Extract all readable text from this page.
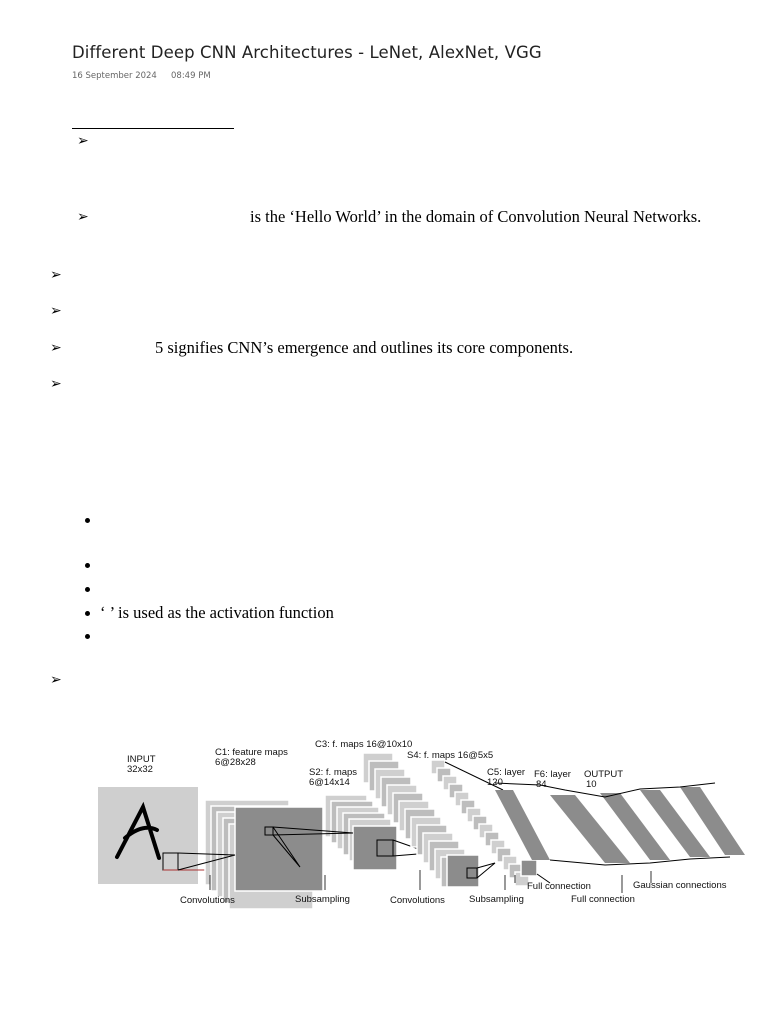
Different Deep CNN Architectures - LeNet, AlexNet, VGG
16 September 2024 08:49 PM
➢
➢	is the ‘Hello World’ in the domain of Convolution Neural Networks.
➢
➢
➢	5 signifies CNN’s emergence and outlines its core components.
➢
‘ ’ is used as the activation function
➢
INPUT
32x32
C1: feature maps
6@28x28
C3: f. maps 16@10x10
S2: f. maps
6@14x14
S4: f. maps 16@5x5
C5: layer
120
F6: layer
84
OUTPUT
10
Convolutions	Subsampling	Convolutions	Subsampling
Full connection
Full connection
Gaussian connections
